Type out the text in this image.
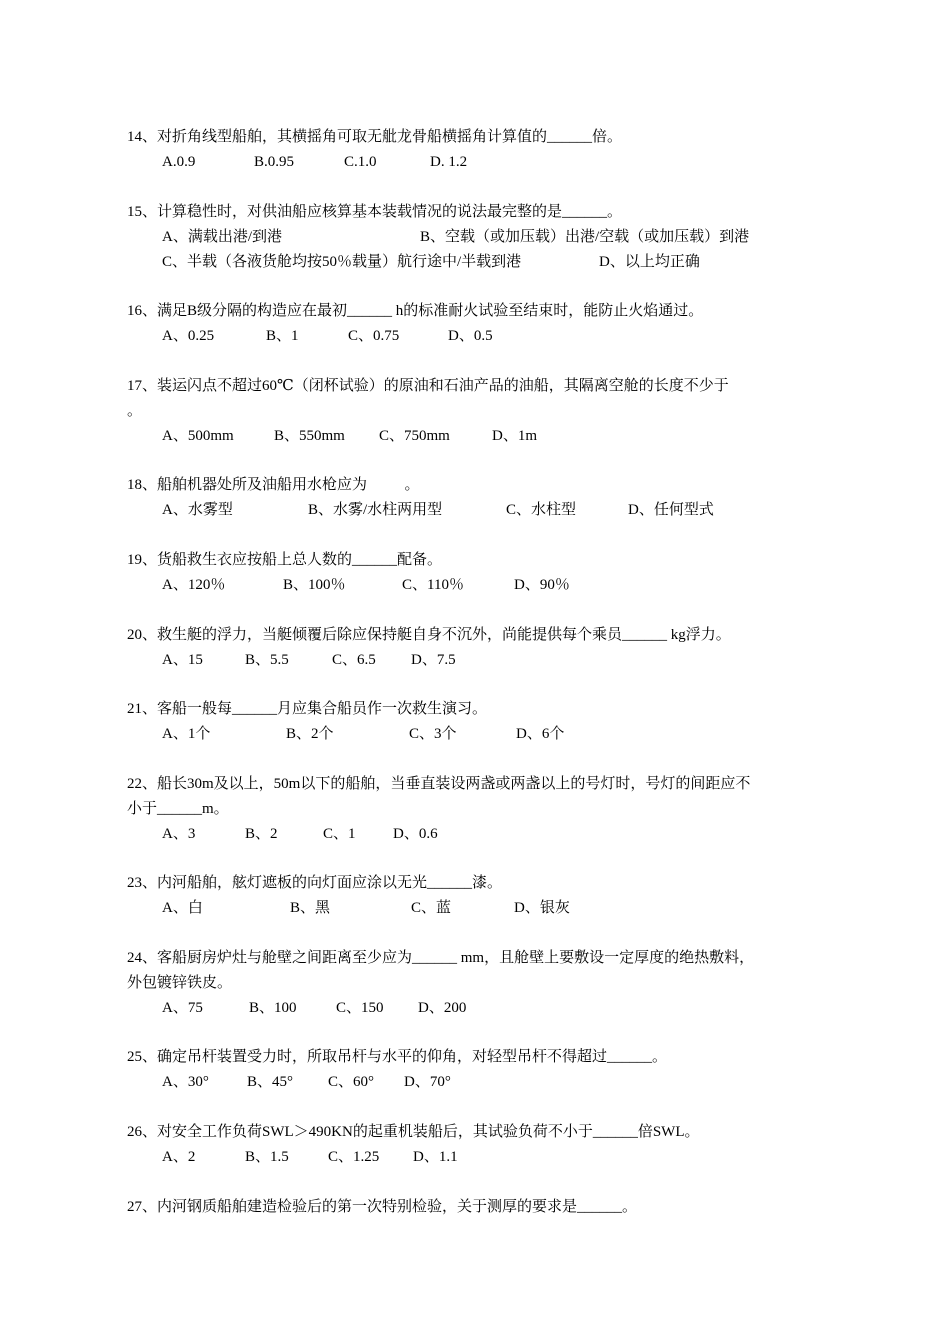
14、对折角线型船舶，其横摇角可取无舭龙骨船横摇角计算值的______倍。

A.0.9	B.0.95	C.1.0	D. 1.2

15、计算稳性时，对供油船应核算基本装载情况的说法最完整的是______。

A、满载出港/到港	B、空载（或加压载）出港/空载（或加压载）到港
C、半载（各液货舱均按50％载量）航行途中/半载到港	D、以上均正确

16、满足B级分隔的构造应在最初______ h的标准耐火试验至结束时，能防止火焰通过。

A、0.25	B、1	C、0.75	D、0.5

17、装运闪点不超过60℃（闭杯试验）的原油和石油产品的油船，其隔离空舱的长度不少于
。

A、500mm	B、550mm C、750mm	D、1m

18、船舶机器处所及油船用水枪应为          。

A、水雾型	B、水雾/水柱两用型	C、水柱型	D、任何型式

19、货船救生衣应按船上总人数的______配备。

A、120％	B、100％	C、110％	D、90％

20、救生艇的浮力，当艇倾覆后除应保持艇自身不沉外，尚能提供每个乘员______ kg浮力。

A、15	B、5.5	C、6.5 D、7.5

21、客船一般每______月应集合船员作一次救生演习。

A、1个	B、2个	C、3个	D、6个

22、船长30m及以上，50m以下的船舶，当垂直装设两盏或两盏以上的号灯时，号灯的间距应不
小于______m。

A、3	B、2	C、1 D、0.6

23、内河船舶，舷灯遮板的向灯面应涂以无光______漆。

A、白	B、黑	C、蓝	D、银灰

24、客船厨房炉灶与舱壁之间距离至少应为______ mm，且舱壁上要敷设一定厚度的绝热敷料，
外包镀锌铁皮。

A、75	B、100	C、150 D、200

25、确定吊杆装置受力时，所取吊杆与水平的仰角，对轻型吊杆不得超过______。

A、30°	B、45° C、60° D、70°

26、对安全工作负荷SWL＞490KN的起重机装船后，其试验负荷不小于______倍SWL。

A、2	B、1.5	C、1.25 D、1.1

27、内河钢质船舶建造检验后的第一次特别检验，关于测厚的要求是______。
